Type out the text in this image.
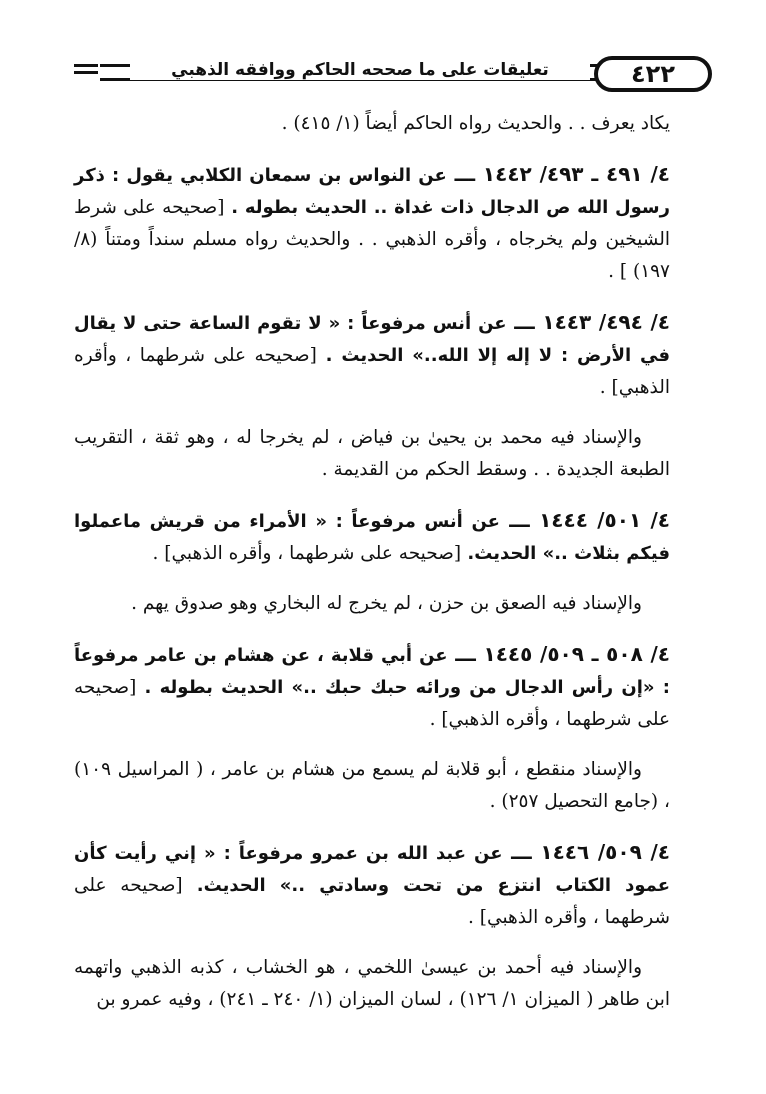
تعليقات على ما صححه الحاكم ووافقه الذهبي	٤٢٢

يكاد يعرف . . والحديث رواه الحاكم أيضاً (١/ ٤١٥) .

٤/ ٤٩١ ـ ٤٩٣/ ١٤٤٢ ـــ عن النواس بن سمعان الكلابي يقول : ذكر رسول الله ص الدجال ذات غداة .. الحديث بطوله . [صحيحه على شرط الشيخين ولم يخرجاه ، وأقره الذهبي . . والحديث رواه مسلم سنداً ومتناً (٨/ ١٩٧) ] .

٤/ ٤٩٤/ ١٤٤٣ ـــ عن أنس مرفوعاً : « لا تقوم الساعة حتى لا يقال في الأرض : لا إله إلا الله..» الحديث . [صحيحه على شرطهما ، وأقره الذهبي] .

والإسناد فيه محمد بن يحيىٰ بن فياض ، لم يخرجا له ، وهو ثقة ، التقريب الطبعة الجديدة . . وسقط الحكم من القديمة .

٤/ ٥٠١/ ١٤٤٤ ـــ عن أنس مرفوعاً : « الأمراء من قريش ماعملوا فيكم بثلاث ..» الحديث. [صحيحه على شرطهما ، وأقره الذهبي] .

والإسناد فيه الصعق بن حزن ، لم يخرج له البخاري وهو صدوق يهم .

٤/ ٥٠٨ ـ ٥٠٩/ ١٤٤٥ ـــ عن أبي قلابة ، عن هشام بن عامر مرفوعاً : «إن رأس الدجال من ورائه حبك حبك ..» الحديث بطوله . [صحيحه على شرطهما ، وأقره الذهبي] .

والإسناد منقطع ، أبو قلابة لم يسمع من هشام بن عامر ، ( المراسيل ١٠٩) ، (جامع التحصيل ٢٥٧) .

٤/ ٥٠٩/ ١٤٤٦ ـــ عن عبد الله بن عمرو مرفوعاً : « إني رأيت كأن عمود الكتاب انتزع من تحت وسادتي ..» الحديث. [صحيحه على شرطهما ، وأقره الذهبي] .

والإسناد فيه أحمد بن عيسىٰ اللخمي ، هو الخشاب ، كذبه الذهبي واتهمه ابن طاهر ( الميزان ١/ ١٢٦) ، لسان الميزان (١/ ٢٤٠ ـ ٢٤١) ، وفيه عمرو بن
